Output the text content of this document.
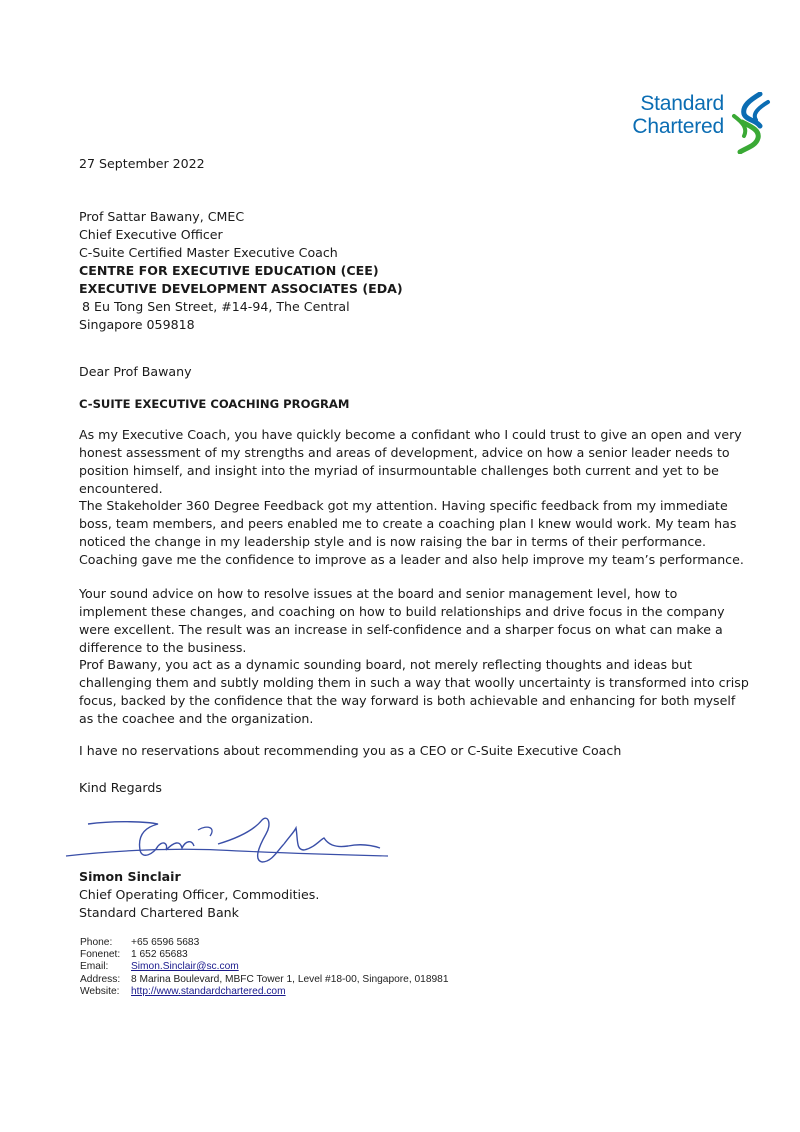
Standard
Chartered
27 September 2022
Prof Sattar Bawany, CMEC
Chief Executive Officer
C-Suite Certified Master Executive Coach
CENTRE FOR EXECUTIVE EDUCATION (CEE)
EXECUTIVE DEVELOPMENT ASSOCIATES (EDA)
8 Eu Tong Sen Street, #14-94, The Central
Singapore 059818
Dear Prof Bawany
C-SUITE EXECUTIVE COACHING PROGRAM

As my Executive Coach, you have quickly become a confidant who I could trust to give an open and very honest assessment of my strengths and areas of development, advice on how a senior leader needs to position himself, and insight into the myriad of insurmountable challenges both current and yet to be encountered.

The Stakeholder 360 Degree Feedback got my attention. Having specific feedback from my immediate boss, team members, and peers enabled me to create a coaching plan I knew would work. My team has noticed the change in my leadership style and is now raising the bar in terms of their performance. Coaching gave me the confidence to improve as a leader and also help improve my team’s performance.

Your sound advice on how to resolve issues at the board and senior management level, how to implement these changes, and coaching on how to build relationships and drive focus in the company were excellent. The result was an increase in self-confidence and a sharper focus on what can make a difference to the business.

Prof Bawany, you act as a dynamic sounding board, not merely reflecting thoughts and ideas but challenging them and subtly molding them in such a way that woolly uncertainty is transformed into crisp focus, backed by the confidence that the way forward is both achievable and enhancing for both myself as the coachee and the organization.

I have no reservations about recommending you as a CEO or C-Suite Executive Coach

Kind Regards
Simon Sinclair
Chief Operating Officer, Commodities.
Standard Chartered Bank
Phone:	+65 6596 5683
Fonenet:	1 652 65683
Email:	Simon.Sinclair@sc.com
Address:	8 Marina Boulevard, MBFC Tower 1, Level #18-00, Singapore, 018981
Website:	http://www.standardchartered.com
